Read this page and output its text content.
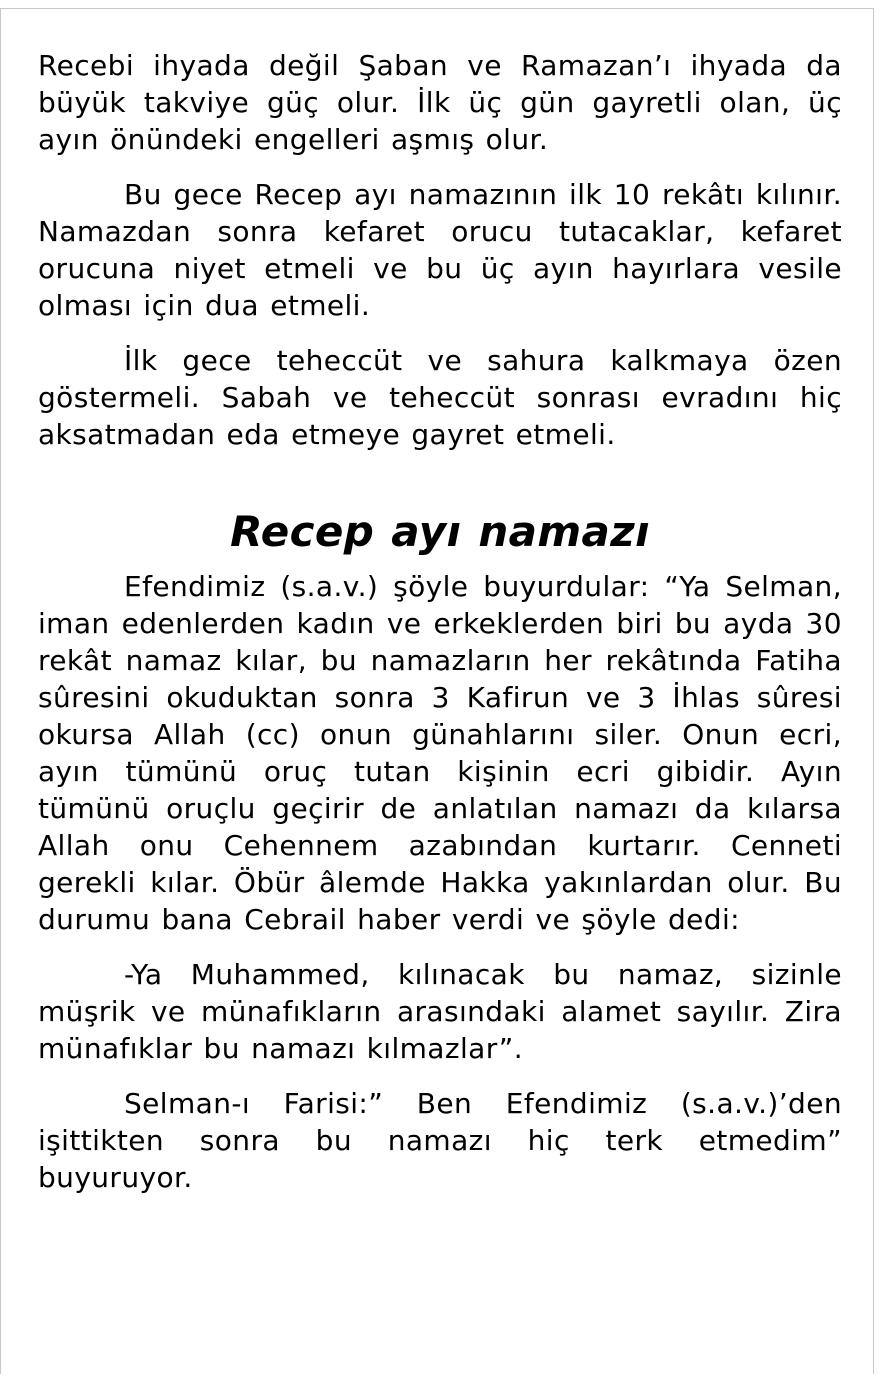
Recebi ihyada değil Şaban ve Ramazan’ı ihyada da büyük takviye güç olur. İlk üç gün gayretli olan, üç ayın önündeki engelleri aşmış olur.

Bu gece Recep ayı namazının ilk 10 rekâtı kılınır. Namazdan sonra kefaret orucu tutacaklar, kefaret orucuna niyet etmeli ve bu üç ayın hayırlara vesile olması için dua etmeli.

İlk gece teheccüt ve sahura kalkmaya özen göstermeli. Sabah ve teheccüt sonrası evradını hiç aksatmadan eda etmeye gayret etmeli.

Recep ayı namazı

Efendimiz (s.a.v.) şöyle buyurdular: “Ya Selman, iman edenlerden kadın ve erkeklerden biri bu ayda 30 rekât namaz kılar, bu namazların her rekâtında Fatiha sûresini okuduktan sonra 3 Kafirun ve 3 İhlas sûresi okursa Allah (cc) onun günahlarını siler. Onun ecri, ayın tümünü oruç tutan kişinin ecri gibidir. Ayın tümünü oruçlu geçirir de anlatılan namazı da kılarsa Allah onu Cehennem azabından kurtarır. Cenneti gerekli kılar. Öbür âlemde Hakka yakınlardan olur. Bu durumu bana Cebrail haber verdi ve şöyle dedi:

-Ya Muhammed, kılınacak bu namaz, sizinle müşrik ve münafıkların arasındaki alamet sayılır. Zira münafıklar bu namazı kılmazlar”.

Selman-ı Farisi:” Ben Efendimiz (s.a.v.)’den işittikten sonra bu namazı hiç terk etmedim” buyuruyor.
